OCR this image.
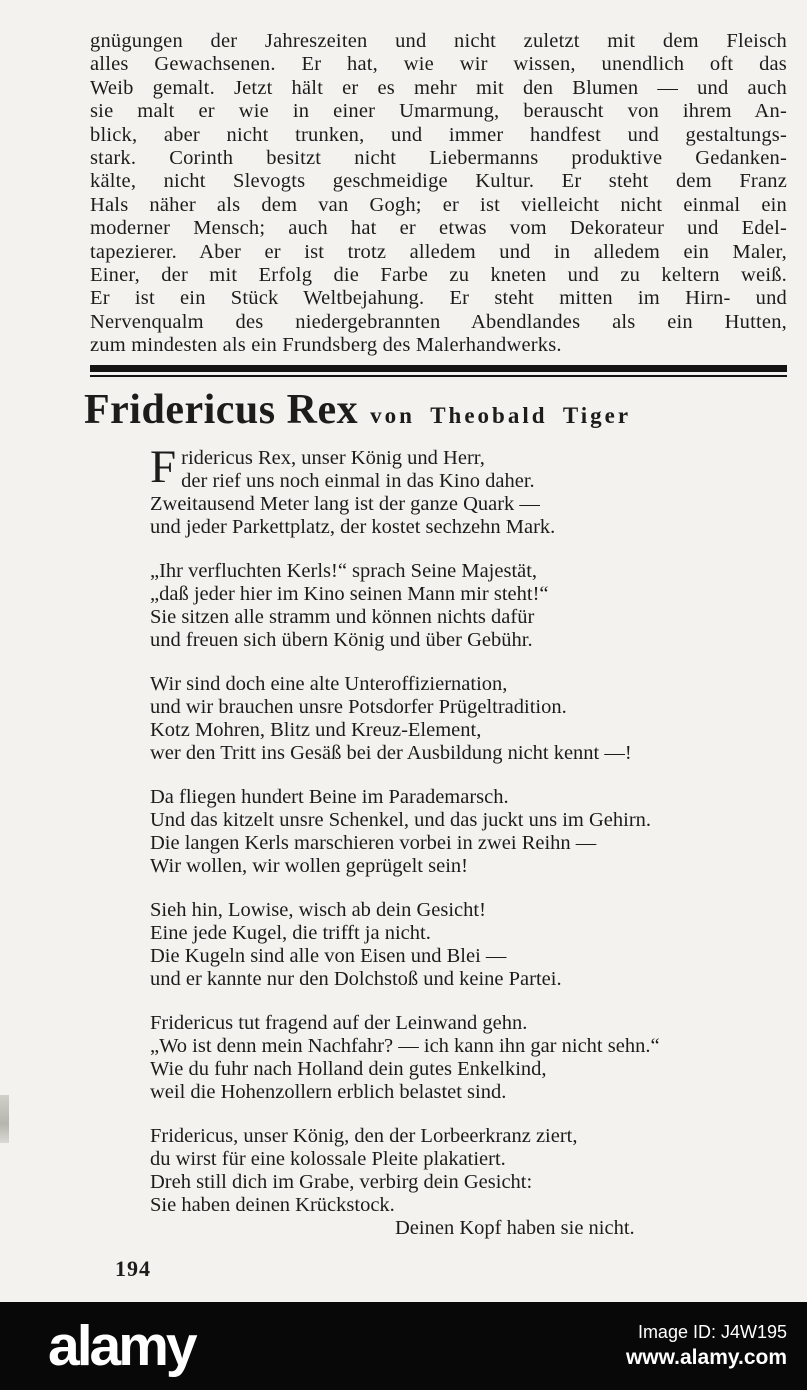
gnügungen der Jahreszeiten und nicht zuletzt mit dem Fleisch
alles Gewachsenen. Er hat, wie wir wissen, unendlich oft das
Weib gemalt. Jetzt hält er es mehr mit den Blumen — und auch
sie malt er wie in einer Umarmung, berauscht von ihrem An-
blick, aber nicht trunken, und immer handfest und gestaltungs-
stark. Corinth besitzt nicht Liebermanns produktive Gedanken-
kälte, nicht Slevogts geschmeidige Kultur. Er steht dem Franz
Hals näher als dem van Gogh; er ist vielleicht nicht einmal ein
moderner Mensch; auch hat er etwas vom Dekorateur und Edel-
tapezierer. Aber er ist trotz alledem und in alledem ein Maler,
Einer, der mit Erfolg die Farbe zu kneten und zu keltern weiß.
Er ist ein Stück Weltbejahung. Er steht mitten im Hirn- und
Nervenqualm des niedergebrannten Abendlandes als ein Hutten,
zum mindesten als ein Frundsberg des Malerhandwerks.
Fridericus Rex von Theobald Tiger
F ridericus Rex, unser König und Herr,
der rief uns noch einmal in das Kino daher.
Zweitausend Meter lang ist der ganze Quark —
und jeder Parkettplatz, der kostet sechzehn Mark.
„Ihr verfluchten Kerls!“ sprach Seine Majestät,
„daß jeder hier im Kino seinen Mann mir steht!“
Sie sitzen alle stramm und können nichts dafür
und freuen sich übern König und über Gebühr.
Wir sind doch eine alte Unteroffiziernation,
und wir brauchen unsre Potsdorfer Prügeltradition.
Kotz Mohren, Blitz und Kreuz-Element,
wer den Tritt ins Gesäß bei der Ausbildung nicht kennt —!
Da fliegen hundert Beine im Parademarsch.
Und das kitzelt unsre Schenkel, und das juckt uns im Gehirn.
Die langen Kerls marschieren vorbei in zwei Reihn —
Wir wollen, wir wollen geprügelt sein!
Sieh hin, Lowise, wisch ab dein Gesicht!
Eine jede Kugel, die trifft ja nicht.
Die Kugeln sind alle von Eisen und Blei —
und er kannte nur den Dolchstoß und keine Partei.
Fridericus tut fragend auf der Leinwand gehn.
„Wo ist denn mein Nachfahr? — ich kann ihn gar nicht sehn.“
Wie du fuhr nach Holland dein gutes Enkelkind,
weil die Hohenzollern erblich belastet sind.
Fridericus, unser König, den der Lorbeerkranz ziert,
du wirst für eine kolossale Pleite plakatiert.
Dreh still dich im Grabe, verbirg dein Gesicht:
Sie haben deinen Krückstock.
Deinen Kopf haben sie nicht.
194
alamy	Image ID: J4W195
www.alamy.com
